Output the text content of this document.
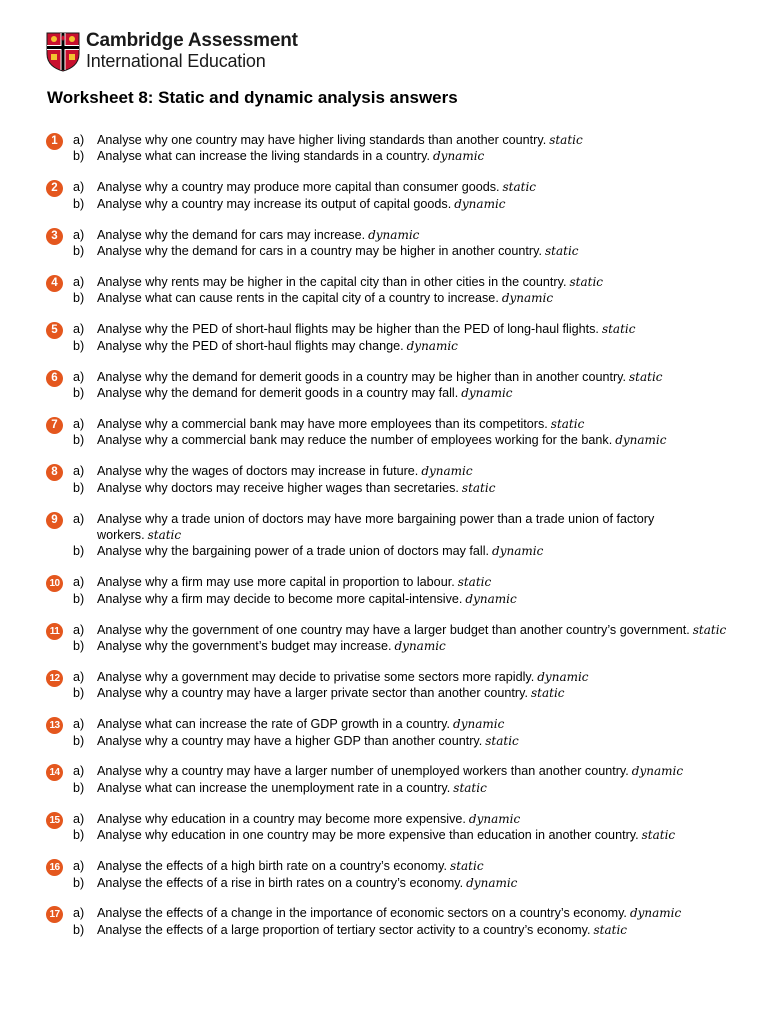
Cambridge Assessment
International Education
Worksheet 8: Static and dynamic analysis answers
1	a) Analyse why one country may have higher living standards than another country. static
b) Analyse what can increase the living standards in a country. dynamic
2	a) Analyse why a country may produce more capital than consumer goods. static
b) Analyse why a country may increase its output of capital goods. dynamic
3	a) Analyse why the demand for cars may increase. dynamic
b) Analyse why the demand for cars in a country may be higher in another country. static
4	a) Analyse why rents may be higher in the capital city than in other cities in the country. static
b) Analyse what can cause rents in the capital city of a country to increase. dynamic
5	a) Analyse why the PED of short-haul flights may be higher than the PED of long-haul flights. static
b) Analyse why the PED of short-haul flights may change. dynamic
6	a) Analyse why the demand for demerit goods in a country may be higher than in another country. static
b) Analyse why the demand for demerit goods in a country may fall. dynamic
7	a) Analyse why a commercial bank may have more employees than its competitors. static
b) Analyse why a commercial bank may reduce the number of employees working for the bank. dynamic
8	a) Analyse why the wages of doctors may increase in future. dynamic
b) Analyse why doctors may receive higher wages than secretaries. static
9	a) Analyse why a trade union of doctors may have more bargaining power than a trade union of factory workers. static
b) Analyse why the bargaining power of a trade union of doctors may fall. dynamic
10 a) Analyse why a firm may use more capital in proportion to labour. static
b) Analyse why a firm may decide to become more capital-intensive. dynamic
11 a) Analyse why the government of one country may have a larger budget than another country’s government. static
b) Analyse why the government’s budget may increase. dynamic
12 a) Analyse why a government may decide to privatise some sectors more rapidly. dynamic
b) Analyse why a country may have a larger private sector than another country. static
13 a) Analyse what can increase the rate of GDP growth in a country. dynamic
b) Analyse why a country may have a higher GDP than another country. static
14 a) Analyse why a country may have a larger number of unemployed workers than another country. dynamic
b) Analyse what can increase the unemployment rate in a country. static
15 a) Analyse why education in a country may become more expensive. dynamic
b) Analyse why education in one country may be more expensive than education in another country. static
16 a) Analyse the effects of a high birth rate on a country’s economy. static
b) Analyse the effects of a rise in birth rates on a country’s economy. dynamic
17 a) Analyse the effects of a change in the importance of economic sectors on a country’s economy. dynamic
b) Analyse the effects of a large proportion of tertiary sector activity to a country’s economy. static
